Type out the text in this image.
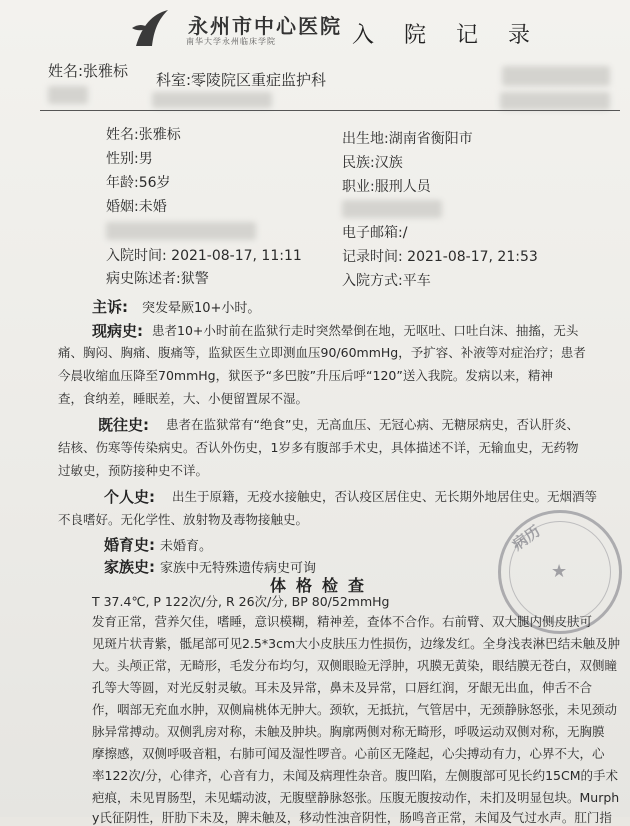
永州市中心医院
南华大学永州临床学院	入院记录
姓名:张雅标 科室:零陵院区重症监护科
姓名:张雅标
性别:男
年龄:56岁
婚姻:未婚
入院时间: 2021-08-17, 11:11
病史陈述者:狱警
出生地:湖南省衡阳市
民族:汉族
职业:服刑人员
电子邮箱:/
记录时间: 2021-08-17, 21:53
入院方式:平车
主诉: 突发晕厥10+小时。
现病史: 患者10+小时前在监狱行走时突然晕倒在地，无呕吐、口吐白沫、抽搐，无头
痛、胸闷、胸痛、腹痛等，监狱医生立即测血压90/60mmHg，予扩容、补液等对症治疗；患者
今晨收缩血压降至70mmHg，狱医予“多巴胺”升压后呼“120”送入我院。发病以来，精神
查，食纳差，睡眠差，大、小便留置尿不湿。
既往史: 患者在监狱常有“绝食”史，无高血压、无冠心病、无糖尿病史，否认肝炎、
结核、伤寒等传染病史。否认外伤史，1岁多有腹部手术史，具体描述不详，无输血史，无药物
过敏史，预防接种史不详。
个人史: 出生于原籍，无疫水接触史，否认疫区居住史、无长期外地居住史。无烟酒等
不良嗜好。无化学性、放射物及毒物接触史。
婚育史: 未婚育。
家族史: 家族中无特殊遗传病史可询
病历
★
体格检查
T 37.4℃, P 122次/分, R 26次/分, BP 80/52mmHg
发育正常，营养欠佳，嗜睡，意识模糊，精神差，查体不合作。右前臂、双大腿内侧皮肤可
见斑片状青紫，骶尾部可见2.5*3cm大小皮肤压力性损伤，边缘发红。全身浅表淋巴结未触及肿
大。头颅正常，无畸形，毛发分布均匀，双侧眼睑无浮肿，巩膜无黄染，眼结膜无苍白，双侧瞳
孔等大等圆，对光反射灵敏。耳未及异常，鼻未及异常，口唇红润，牙龈无出血，伸舌不合
作，咽部无充血水肿，双侧扁桃体无肿大。颈软，无抵抗，气管居中，无颈静脉怒张，未见颈动
脉异常搏动。双侧乳房对称，未触及肿块。胸廓两侧对称无畸形，呼吸运动双侧对称，无胸膜
摩擦感，双侧呼吸音粗，右肺可闻及湿性啰音。心前区无隆起，心尖搏动有力，心界不大，心
率122次/分，心律齐，心音有力，未闻及病理性杂音。腹凹陷，左侧腹部可见长约15CM的手术
疤痕，未见胃肠型，未见蠕动波，无腹壁静脉怒张。压腹无腹按动作，未扪及明显包块。Murph
y氏征阴性，肝肋下未及，脾未触及，移动性浊音阴性，肠鸣音正常，未闻及气过水声。肛门指
